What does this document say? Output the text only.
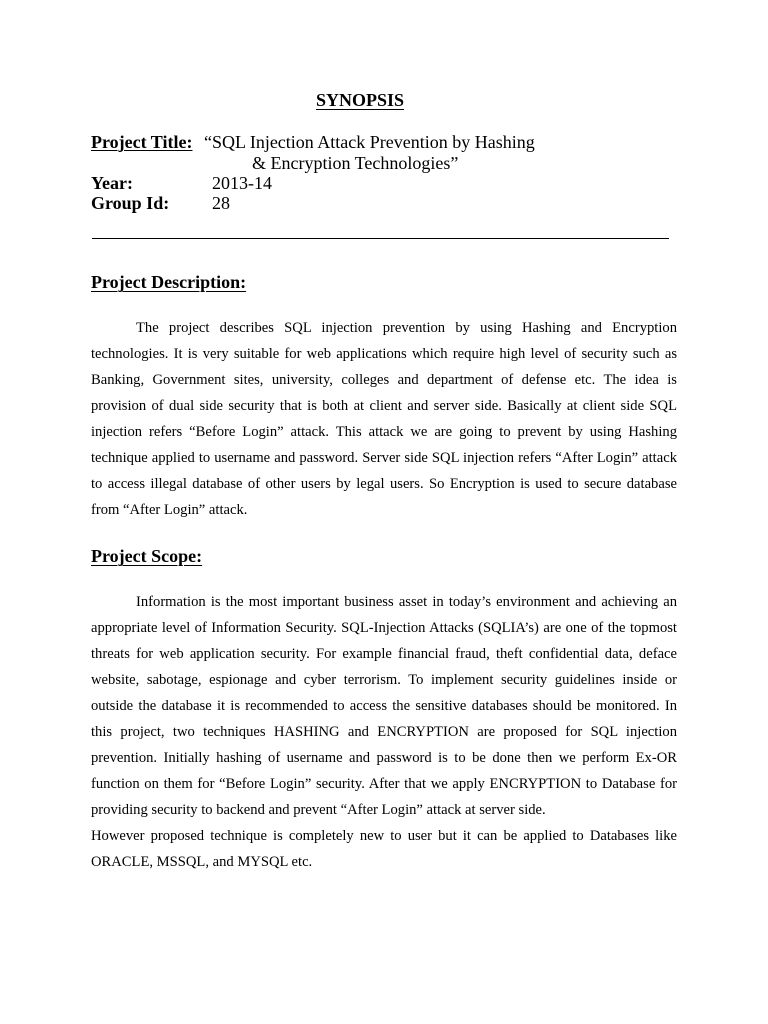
SYNOPSIS
Project Title: “SQL Injection Attack Prevention by Hashing
& Encryption Technologies”
Year:	2013-14
Group Id: 28
Project Description:
The project describes SQL injection prevention by using Hashing and Encryption technologies. It is very suitable for web applications which require high level of security such as Banking, Government sites, university, colleges and department of defense etc. The idea is provision of dual side security that is both at client and server side. Basically at client side SQL injection refers “Before Login” attack. This attack we are going to prevent by using Hashing technique applied to username and password. Server side SQL injection refers “After Login” attack to access illegal database of other users by legal users. So Encryption is used to secure database from “After Login” attack.
Project Scope:
Information is the most important business asset in today’s environment and achieving an appropriate level of Information Security. SQL-Injection Attacks (SQLIA’s) are one of the topmost threats for web application security. For example financial fraud, theft confidential data, deface website, sabotage, espionage and cyber terrorism. To implement security guidelines inside or outside the database it is recommended to access the sensitive databases should be monitored. In this project, two techniques HASHING and ENCRYPTION are proposed for SQL injection prevention. Initially hashing of username and password is to be done then we perform Ex-OR function on them for “Before Login” security. After that we apply ENCRYPTION to Database for providing security to backend and prevent “After Login” attack at server side.
However proposed technique is completely new to user but it can be applied to Databases like ORACLE, MSSQL, and MYSQL etc.
